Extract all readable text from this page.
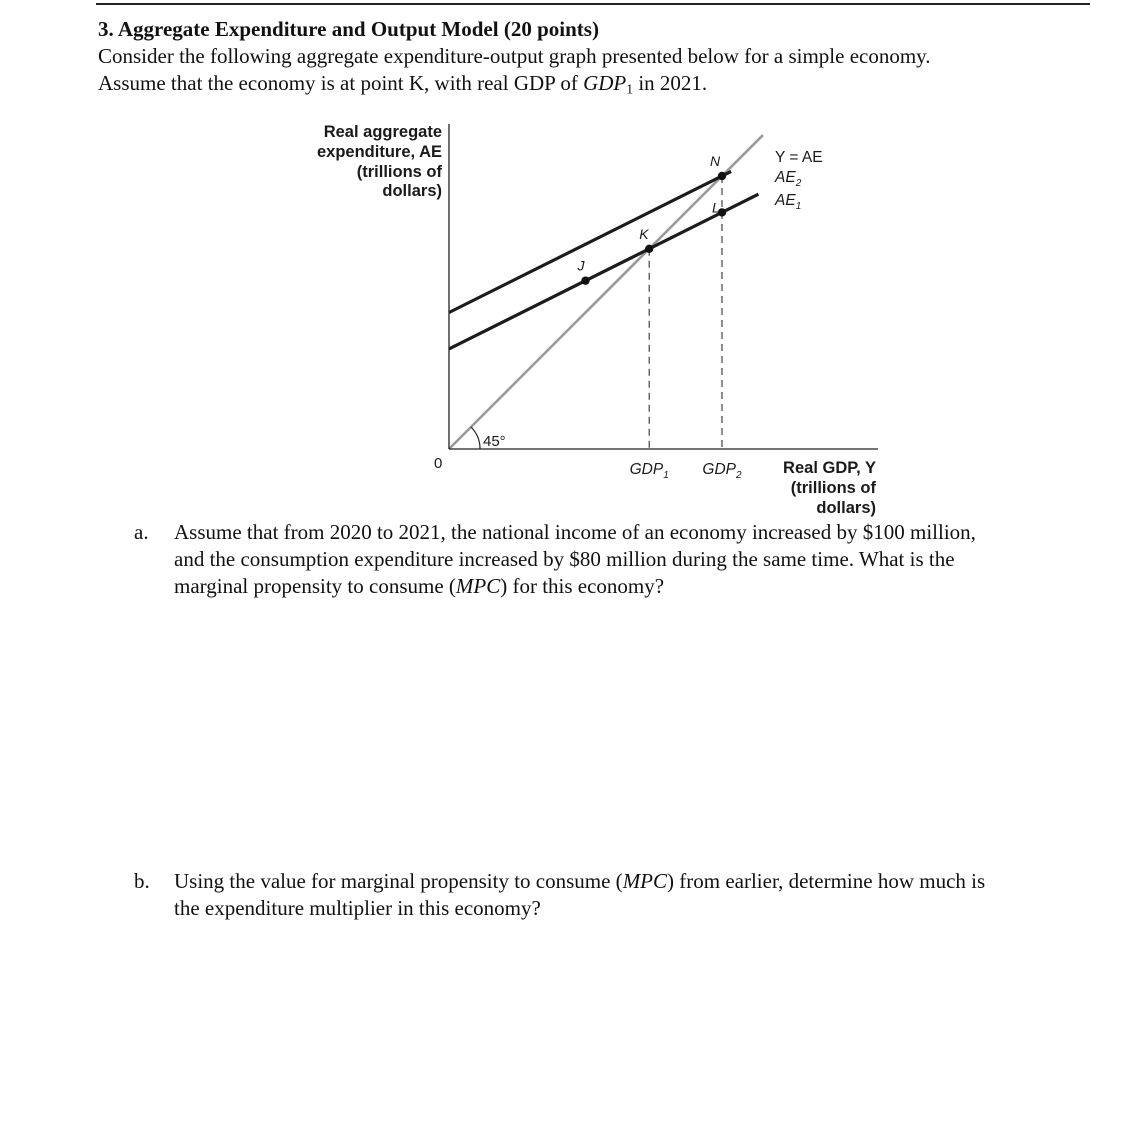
3. Aggregate Expenditure and Output Model (20 points)
Consider the following aggregate expenditure-output graph presented below for a simple economy.
Assume that the economy is at point K, with real GDP of $GDP_1$ in 2021.
Real aggregate
expenditure, AE
(trillions of
dollars)
45°
0
J
K
N
L
Y = AE
$AE_2$
$AE_1$
$GDP_1$ $GDP_2$	Real GDP, Y
(trillions of
dollars)
a. Assume that from 2020 to 2021, the national income of an economy increased by $100 million,
and the consumption expenditure increased by $80 million during the same time. What is the
marginal propensity to consume (MPC) for this economy?
b. Using the value for marginal propensity to consume (MPC) from earlier, determine how much is
the expenditure multiplier in this economy?
